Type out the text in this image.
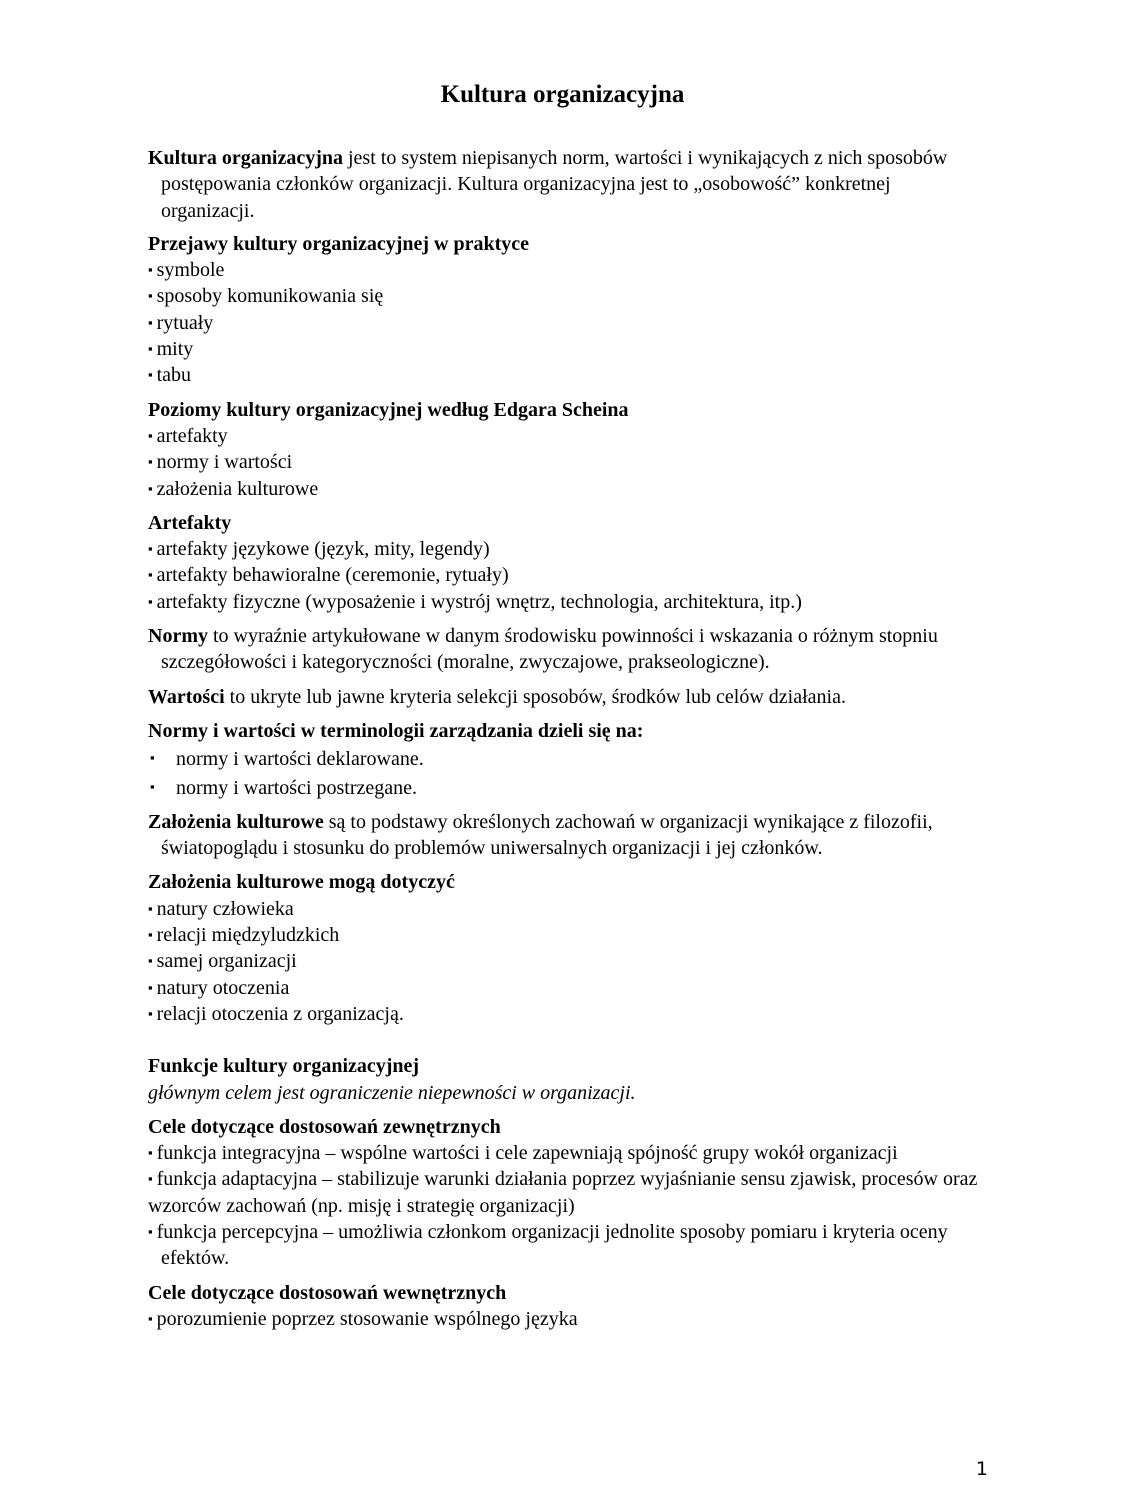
Kultura organizacyjna

Kultura organizacyjna jest to system niepisanych norm, wartości i wynikających z nich sposobów postępowania członków organizacji. Kultura organizacyjna jest to „osobowość” konkretnej organizacji.

Przejawy kultury organizacyjnej w praktyce

▪ symbole

▪ sposoby komunikowania się

▪ rytuały

▪ mity

▪ tabu

Poziomy kultury organizacyjnej według Edgara Scheina

▪ artefakty

▪ normy i wartości

▪ założenia kulturowe

Artefakty

▪ artefakty językowe (język, mity, legendy)

▪ artefakty behawioralne (ceremonie, rytuały)

▪ artefakty fizyczne (wyposażenie i wystrój wnętrz, technologia, architektura, itp.)

Normy to wyraźnie artykułowane w danym środowisku powinności i wskazania o różnym stopniu szczegółowości i kategoryczności (moralne, zwyczajowe, prakseologiczne).

Wartości to ukryte lub jawne kryteria selekcji sposobów, środków lub celów działania.

Normy i wartości w terminologii zarządzania dzieli się na:

▪ normy i wartości deklarowane.

▪ normy i wartości postrzegane.

Założenia kulturowe są to podstawy określonych zachowań w organizacji wynikające z filozofii, światopoglądu i stosunku do problemów uniwersalnych organizacji i jej członków.

Założenia kulturowe mogą dotyczyć

▪ natury człowieka

▪ relacji międzyludzkich

▪ samej organizacji

▪ natury otoczenia

▪ relacji otoczenia z organizacją.

Funkcje kultury organizacyjnej

głównym celem jest ograniczenie niepewności w organizacji.

Cele dotyczące dostosowań zewnętrznych

▪ funkcja integracyjna – wspólne wartości i cele zapewniają spójność grupy wokół organizacji

▪ funkcja adaptacyjna – stabilizuje warunki działania poprzez wyjaśnianie sensu zjawisk, procesów oraz wzorców zachowań (np. misję i strategię organizacji)

▪ funkcja percepcyjna – umożliwia członkom organizacji jednolite sposoby pomiaru i kryteria oceny efektów.

Cele dotyczące dostosowań wewnętrznych

▪ porozumienie poprzez stosowanie wspólnego języka

1
